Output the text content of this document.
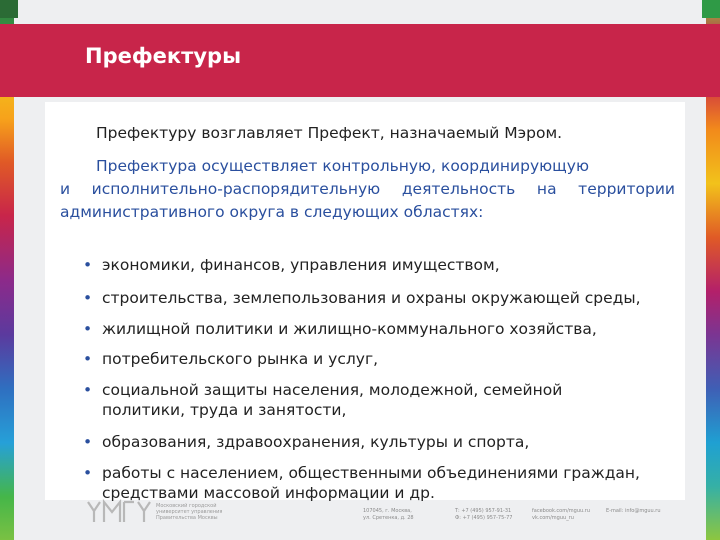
Префектуры
Префектуру возглавляет Префект, назначаемый Мэром.
Префектура осуществляет контрольную, координирующую
и исполнительно-распорядительную деятельность на территории
административного округа в следующих областях:
• экономики, финансов, управления имуществом,
• строительства, землепользования и охраны окружающей среды,
• жилищной политики и жилищно-коммунального хозяйства,
• потребительского рынка и услуг,
• социальной защиты населения, молодежной, семейной
политики, труда и занятости,
• образования, здравоохранения, культуры и спорта,
• работы с населением, общественными объединениями граждан,
средствами массовой информации и др.
Московский городской
университет управления
Правительства Москвы
107045, г. Москва,
ул. Сретенка, д. 28
Т: +7 (495) 957-91-31
Ф: +7 (495) 957-75-77
facebook.com/mguu.ru
vk.com/mguu_ru
E-mail: info@mguu.ru
